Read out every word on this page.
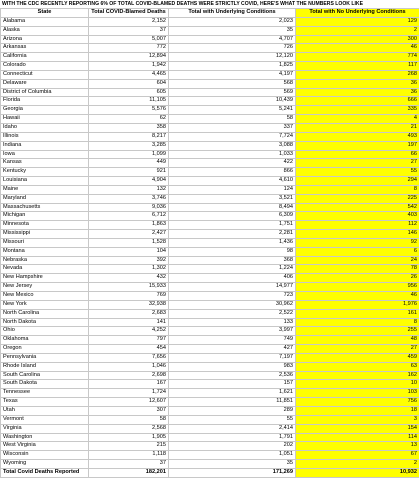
WITH THE CDC RECENTLY REPORTING 6% OF TOTAL COVID-BLAMED DEATHS WERE STRICTLY COVID, HERE'S WHAT THE NUMBERS LOOK LIKE
State	Total COVID-Blamed Deaths	Total with Underlying Conditions	Total with No Underlying Conditions
Alabama	2,152	2,023	129
Alaska	37	35	2
Arizona	5,007	4,707	300
Arkansas	772	726	46
California	12,894	12,120	774
Colorado	1,942	1,825	117
Connecticut	4,465	4,197	268
Delaware	604	568	36
District of Columbia	605	569	36
Florida	11,105	10,439	666
Georgia	5,576	5,241	335
Hawaii	62	58	4
Idaho	358	337	21
Illinois	8,217	7,724	493
Indiana	3,285	3,088	197
Iowa	1,099	1,033	66
Kansas	449	422	27
Kentucky	921	866	55
Louisiana	4,904	4,610	294
Maine	132	124	8
Maryland	3,746	3,521	225
Massachusetts	9,036	8,494	542
Michigan	6,712	6,309	403
Minnesota	1,863	1,751	112
Mississippi	2,427	2,281	146
Missouri	1,528	1,436	92
Montana	104	98	6
Nebraska	392	368	24
Nevada	1,302	1,224	78
New Hampshire	432	406	26
New Jersey	15,933	14,977	956
New Mexico	769	723	46
New York	32,938	30,962	1,976
North Carolina	2,683	2,522	161
North Dakota	141	133	8
Ohio	4,252	3,997	255
Oklahoma	797	749	48
Oregon	454	427	27
Pennsylvania	7,656	7,197	459
Rhode Island	1,046	983	63
South Carolina	2,698	2,536	162
South Dakota	167	157	10
Tennessee	1,724	1,621	103
Texas	12,607	11,851	756
Utah	307	289	18
Vermont	58	55	3
Virginia	2,568	2,414	154
Washington	1,905	1,791	114
West Virginia	215	202	13
Wisconsin	1,118	1,051	67
Wyoming	37	35	2
Total Covid Deaths Reported	182,201	171,269	10,932
